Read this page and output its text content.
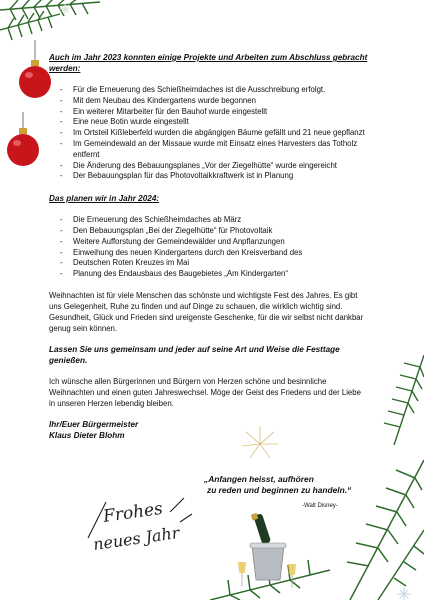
Auch im Jahr 2023 konnten einige Projekte und Arbeiten zum Abschluss gebracht werden:

- Für die Erneuerung des Schießheimdaches ist die Ausschreibung erfolgt.
- Mit dem Neubau des Kindergartens wurde begonnen
- Ein weiterer Mitarbeiter für den Bauhof wurde eingestellt
- Eine neue Botin wurde eingestellt
- Im Ortsteil Kißleberfeld wurden die abgängigen Bäume gefällt und 21 neue gepflanzt
- Im Gemeindewald an der Missaue wurde mit Einsatz eines Harvesters das Totholz entfernt
- Die Änderung des Bebauungsplanes „Vor der Ziegelhütte“ wurde eingereicht
- Der Bebauungsplan für das Photovoltaikkraftwerk ist in Planung

Das planen wir in Jahr 2024:

- Die Erneuerung des Schießheimdaches ab März
- Den Bebauungsplan „Bei der Ziegelhütte“ für Photovoltaik
- Weitere Aufforstung der Gemeindewälder und Anpflanzungen
- Einweihung des neuen Kindergartens durch den Kreisverband des
- Deutschen Roten Kreuzes im Mai
- Planung des Endausbaus des Baugebietes „Am Kindergarten“

Weihnachten ist für viele Menschen das schönste und wichtigste Fest des Jahres. Es gibt uns Gelegenheit, Ruhe zu finden und auf Dinge zu schauen, die wirklich wichtig sind. Gesundheit, Glück und Frieden sind ureigenste Geschenke, für die wir selbst nicht dankbar genug sein können.

Lassen Sie uns gemeinsam und jeder auf seine Art und Weise die Festtage genießen.

Ich wünsche allen Bürgerinnen und Bürgern von Herzen schöne und besinnliche Weihnachten und einen guten Jahreswechsel. Möge der Geist des Friedens und der Liebe in unseren Herzen lebendig bleiben.

Ihr/Euer Bürgermeister

Klaus Dieter Blohm

„Anfangen heisst, aufhören
zu reden und beginnen zu handeln.“
-Walt Disney-
Frohes
neues Jahr
